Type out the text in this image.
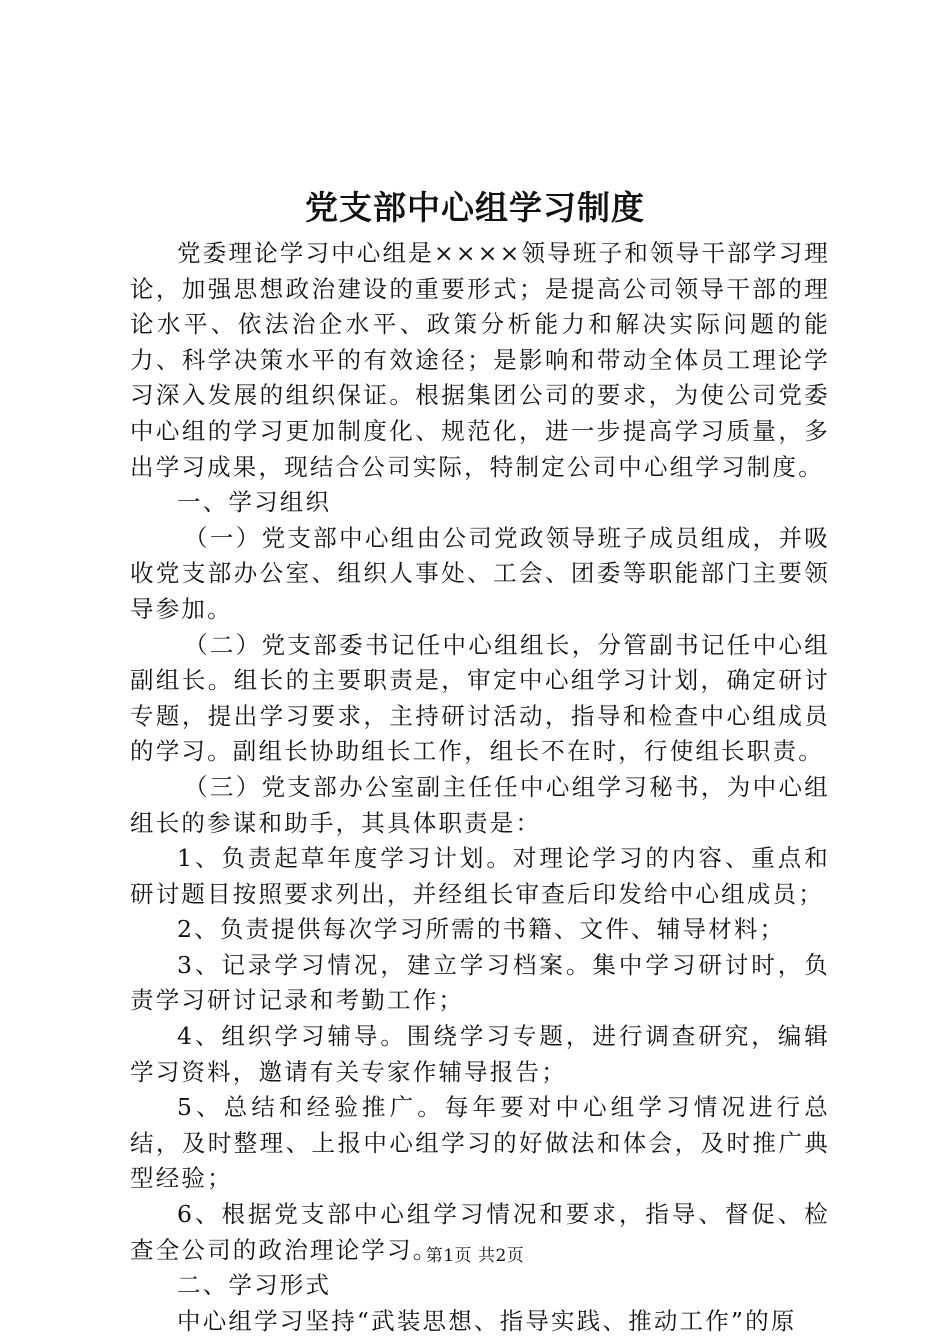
党支部中心组学习制度

党委理论学习中心组是××××领导班子和领导干部学习理论，加强思想政治建设的重要形式；是提高公司领导干部的理论水平、依法治企水平、政策分析能力和解决实际问题的能力、科学决策水平的有效途径；是影响和带动全体员工理论学习深入发展的组织保证。根据集团公司的要求，为使公司党委中心组的学习更加制度化、规范化，进一步提高学习质量，多出学习成果，现结合公司实际，特制定公司中心组学习制度。

一、学习组织

（一）党支部中心组由公司党政领导班子成员组成，并吸收党支部办公室、组织人事处、工会、团委等职能部门主要领导参加。

（二）党支部委书记任中心组组长，分管副书记任中心组副组长。组长的主要职责是，审定中心组学习计划，确定研讨专题，提出学习要求，主持研讨活动，指导和检查中心组成员的学习。副组长协助组长工作，组长不在时，行使组长职责。

（三）党支部办公室副主任任中心组学习秘书，为中心组组长的参谋和助手，其具体职责是：

1、负责起草年度学习计划。对理论学习的内容、重点和研讨题目按照要求列出，并经组长审查后印发给中心组成员；

2、负责提供每次学习所需的书籍、文件、辅导材料；

3、记录学习情况，建立学习档案。集中学习研讨时，负责学习研讨记录和考勤工作；

4、组织学习辅导。围绕学习专题，进行调查研究，编辑学习资料，邀请有关专家作辅导报告；

5、总结和经验推广。每年要对中心组学习情况进行总结，及时整理、上报中心组学习的好做法和体会，及时推广典型经验；

6、根据党支部中心组学习情况和要求，指导、督促、检查全公司的政治理论学习。

二、学习形式

中心组学习坚持“武装思想、指导实践、推动工作”的原

第1页 共2页
